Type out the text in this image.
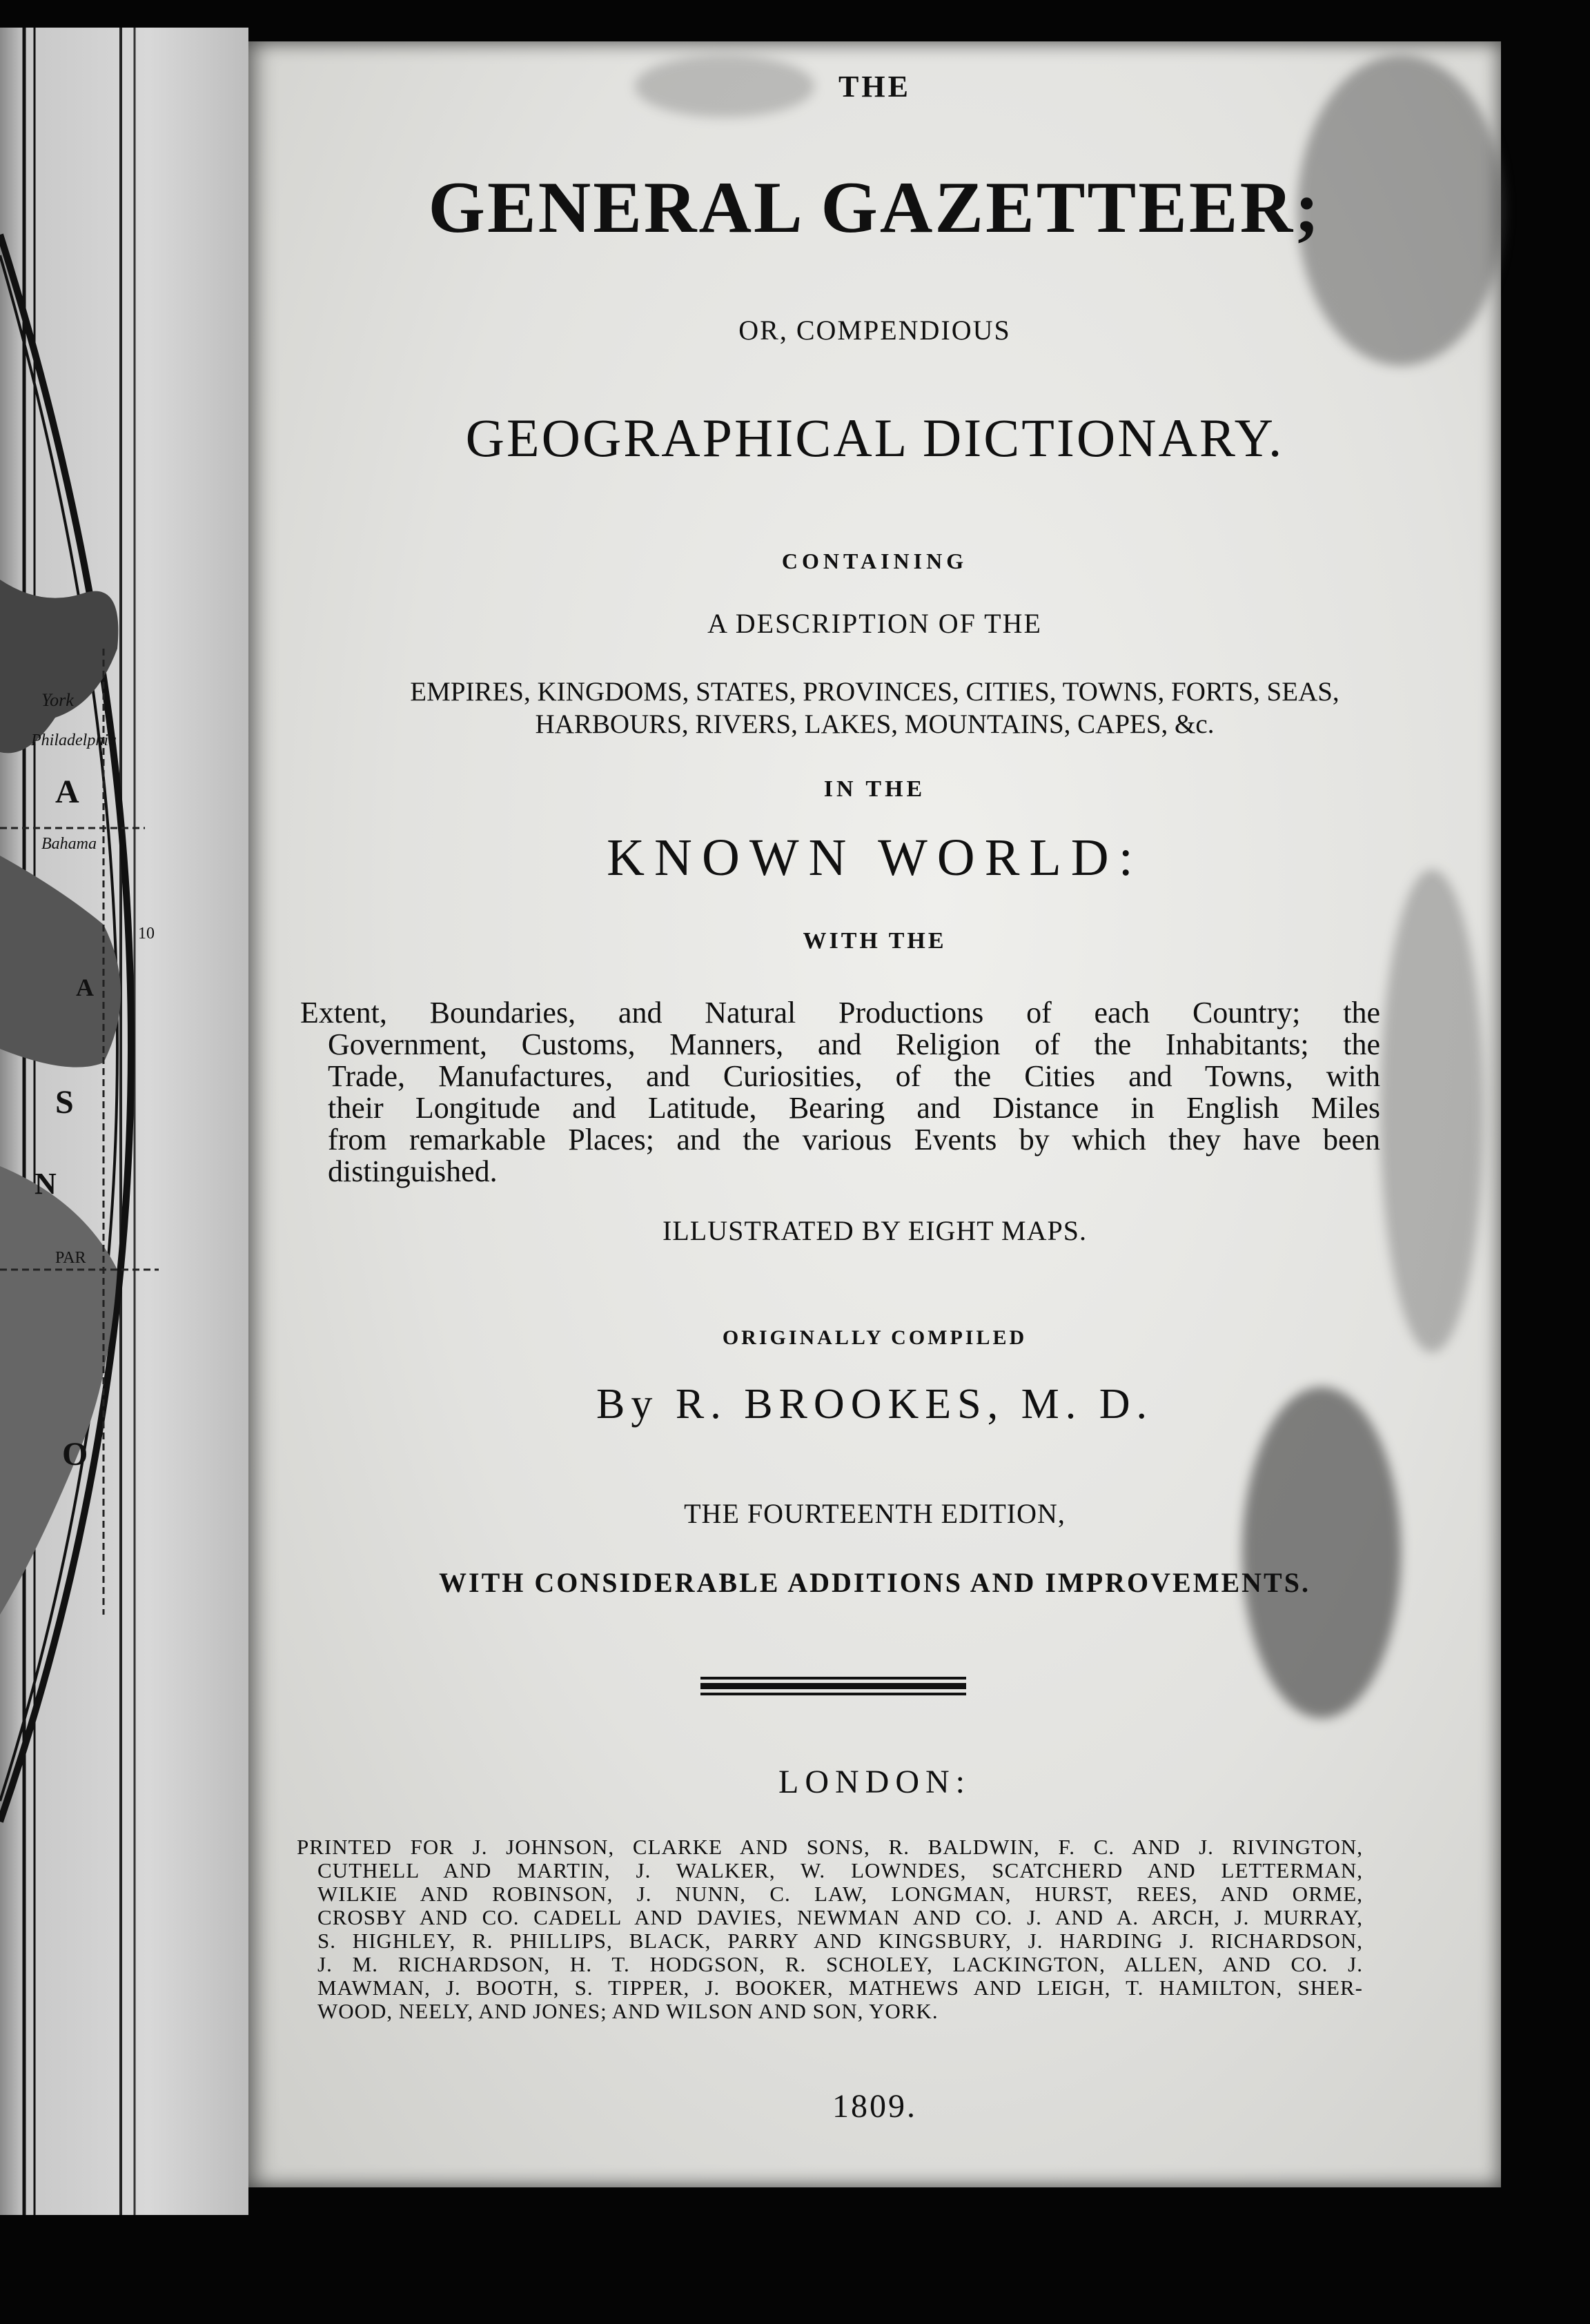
York
Philadelphia
A
Bahama
S
O
N
PAR
10
A
THE
GENERAL GAZETTEER;
OR, COMPENDIOUS
GEOGRAPHICAL DICTIONARY.
CONTAINING
A DESCRIPTION OF THE
EMPIRES, KINGDOMS, STATES, PROVINCES, CITIES, TOWNS, FORTS, SEAS,
HARBOURS, RIVERS, LAKES, MOUNTAINS, CAPES, &c.
IN THE
KNOWN WORLD:
WITH THE
Extent, Boundaries, and Natural Productions of each Country; the
Government, Customs, Manners, and Religion of the Inhabitants; the
Trade, Manufactures, and Curiosities, of the Cities and Towns, with
their Longitude and Latitude, Bearing and Distance in English Miles
from remarkable Places; and the various Events by which they have been
distinguished.
ILLUSTRATED BY EIGHT MAPS.
ORIGINALLY COMPILED
By R. BROOKES, M. D.
THE FOURTEENTH EDITION,
WITH CONSIDERABLE ADDITIONS AND IMPROVEMENTS.
LONDON:
PRINTED FOR J. JOHNSON, CLARKE AND SONS, R. BALDWIN, F. C. AND J. RIVINGTON,
CUTHELL AND MARTIN, J. WALKER, W. LOWNDES, SCATCHERD AND LETTERMAN,
WILKIE AND ROBINSON, J. NUNN, C. LAW, LONGMAN, HURST, REES, AND ORME,
CROSBY AND CO. CADELL AND DAVIES, NEWMAN AND CO. J. AND A. ARCH, J. MURRAY,
S. HIGHLEY, R. PHILLIPS, BLACK, PARRY AND KINGSBURY, J. HARDING J. RICHARDSON,
J. M. RICHARDSON, H. T. HODGSON, R. SCHOLEY, LACKINGTON, ALLEN, AND CO. J.
MAWMAN, J. BOOTH, S. TIPPER, J. BOOKER, MATHEWS AND LEIGH, T. HAMILTON, SHER-
WOOD, NEELY, AND JONES; AND WILSON AND SON, YORK.
1809.
